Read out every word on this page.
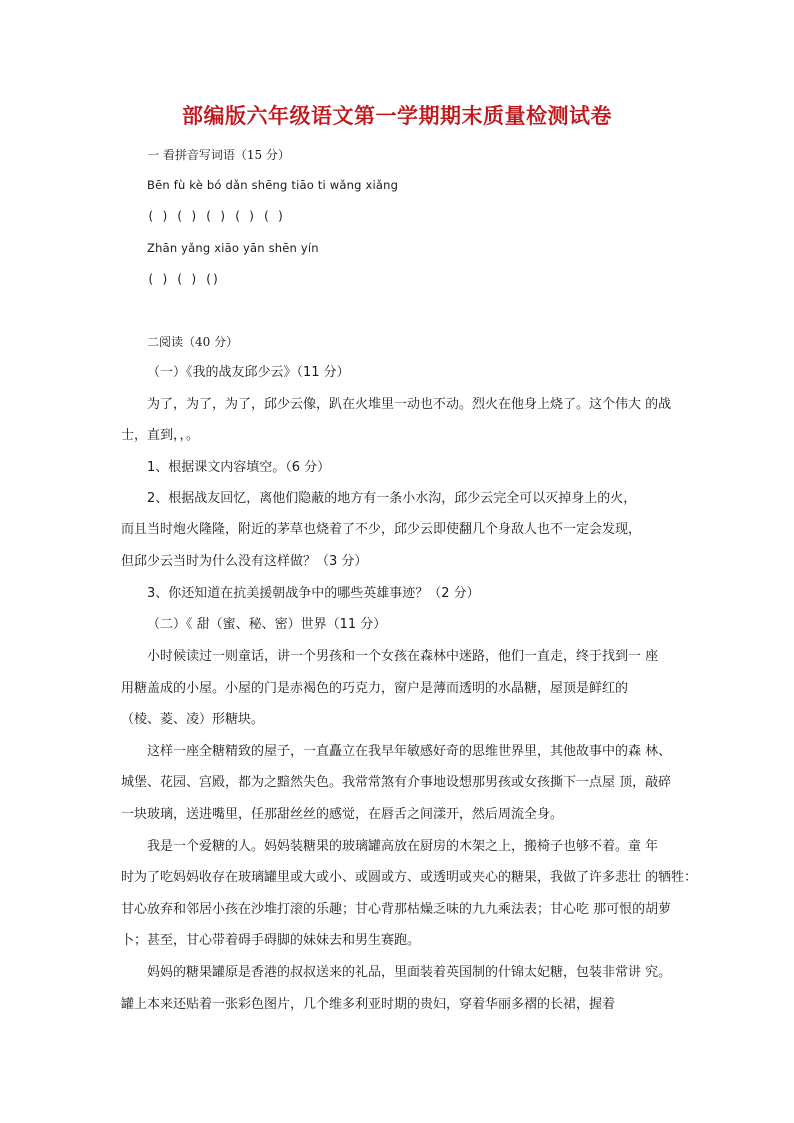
部编版六年级语文第一学期期末质量检测试卷
一 看拼音写词语（15 分）
Bēn fù kè bó dǎn shēng tiāo ti wǎng xiǎng
( ) ( ) ( ) ( ) ( )
Zhān yǎng xiāo yān shēn yín
( ) ( ) ()
二阅读（40 分）
（一）《我的战友邱少云》（11 分）
为了，为了，为了，邱少云像，趴在火堆里一动也不动。烈火在他身上烧了。这个伟大 的战
士，直到，，。
1、根据课文内容填空。（6 分）
2、根据战友回忆，离他们隐蔽的地方有一条小水沟，邱少云完全可以灭掉身上的火，
而且当时炮火隆隆，附近的茅草也烧着了不少，邱少云即使翻几个身敌人也不一定会发现，
但邱少云当时为什么没有这样做？（3 分）
3、你还知道在抗美援朝战争中的哪些英雄事迹？（2 分）
（二）《 甜（蜜、秘、密）世界（11 分）
小时候读过一则童话，讲一个男孩和一个女孩在森林中迷路，他们一直走，终于找到一 座
用糖盖成的小屋。小屋的门是赤褐色的巧克力，窗户是薄而透明的水晶糖，屋顶是鲜红的
（棱、菱、凌）形糖块。
这样一座全糖精致的屋子，一直矗立在我早年敏感好奇的思维世界里，其他故事中的森 林、
城堡、花园、宫殿，都为之黯然失色。我常常煞有介事地设想那男孩或女孩撕下一点屋 顶，敲碎
一块玻璃，送进嘴里，任那甜丝丝的感觉，在唇舌之间漾开，然后周流全身。
我是一个爱糖的人。妈妈装糖果的玻璃罐高放在厨房的木架之上，搬椅子也够不着。童 年
时为了吃妈妈收存在玻璃罐里或大或小、或圆或方、或透明或夹心的糖果，我做了许多悲壮 的牺牲：
甘心放弃和邻居小孩在沙堆打滚的乐趣；甘心背那枯燥乏味的九九乘法表；甘心吃 那可恨的胡萝
卜；甚至，甘心带着碍手碍脚的妹妹去和男生赛跑。
妈妈的糖果罐原是香港的叔叔送来的礼品，里面装着英国制的什锦太妃糖，包装非常讲 究。
罐上本来还贴着一张彩色图片，几个维多利亚时期的贵妇，穿着华丽多褶的长裙，握着
